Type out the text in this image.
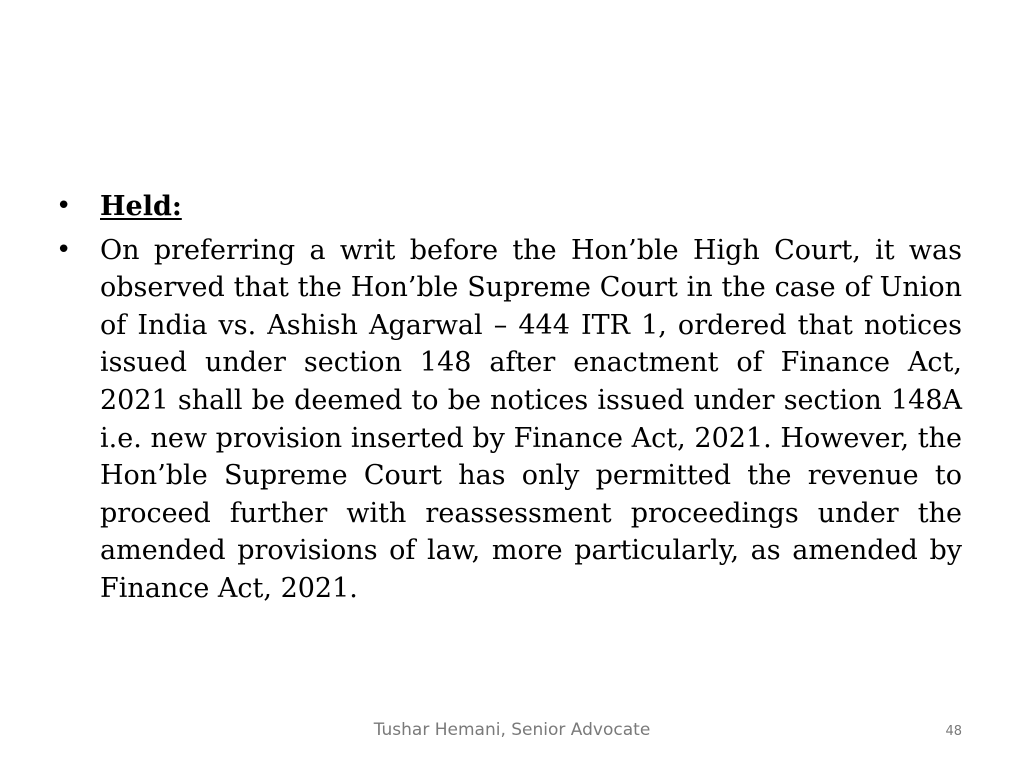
• Held:
• On preferring a writ before the Hon’ble High Court, it was observed that the Hon’ble Supreme Court in the case of Union of India vs. Ashish Agarwal – 444 ITR 1, ordered that notices issued under section 148 after enactment of Finance Act, 2021 shall be deemed to be notices issued under section 148A i.e. new provision inserted by Finance Act, 2021. However, the Hon’ble Supreme Court has only permitted the revenue to proceed further with reassessment proceedings under the amended provisions of law, more particularly, as amended by Finance Act, 2021.
Tushar Hemani, Senior Advocate	48
